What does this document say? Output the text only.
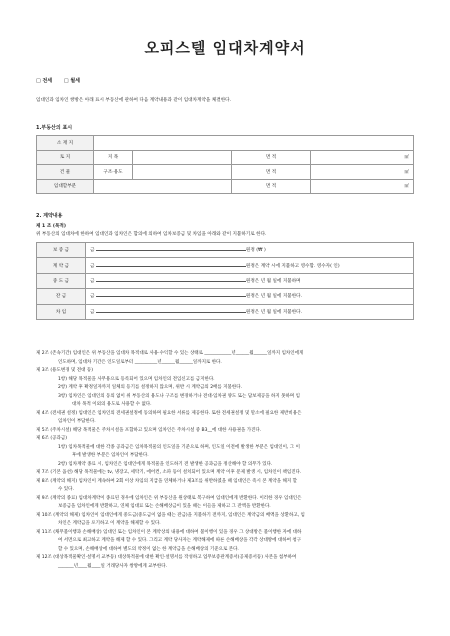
오피스텔 임대차계약서
□ 전세 □ 월세
임대인과 임차인 쌍방은 아래 표시 부동산에 관하여 다음 계약내용과 같이 임대차계약을 체결한다.
1.부동산의 표시
소 재 지				
토 지	지 목		면 적	㎡
건 물	구조·용도		면 적	㎡
임대할부분			면 적	㎡
2. 계약내용
제 1 조 (목적)
위 부동산의 임대차에 한하여 임대인과 임차인은 합의에 의하여 임차보증금 및 차임을 아래와 같이 지불하기로 한다.
보 증 금	금 원정 (₩ )
계 약 금	금 원정은 계약 시에 지불하고 영수함. 영수자( 인)
중 도 금	금 원정은 년 월 일에 지불하며
잔 금	금 원정은 년 월 일에 지불한다.
차 임	금 원정은 년 월 일에 지불한다.
제 2조 (존속기간) 임대인은 위 부동산을 임대차 목적대로 사용·수익할 수 있는 상태로 ____________년______월______일까지 임차인에게
인도하며, 임대차 기간은 인도일로부터 __________년______월______일까지로 한다.
제 3조 (용도변경 및 전대 등)
1항) 해당 목적물을 사무용으로 등록되어 있으며 임차인의 전입신고를 금지한다.
2항) 계약 후 확정일자까지 일체의 등기를 설정하지 않으며, 위반 시 계약금의 2배를 지불한다.
3항) 임차인은 임대인의 동의 없이 위 부동산의 용도나 구조를 변경하거나 전대·임차권 양도 또는 담보제공을 하지 못하며 임
대차 목적 이외의 용도로 사용할 수 없다.
제 4조 (전세권 설정) 임대인은 임차인의 전세권설정에 동의하며 필요한 서류를 제공한다. 또한 전세권설정 및 말소에 필요한 제반비용은
임차인이 부담한다.
제 5조 (주차시설) 해당 목적물은 주차시설을 포함하고 있으며 임차인은 주차시설 중 B3__에 대한 사용권을 가진다.
제 6조 (공과금)
1항) 임차목적물에 대한 각종 공과금은 임차목적물의 인도일을 기준으로 하며, 인도일 이전에 발생한 부분은 임대인이, 그 이
후에 발생한 부분은 임차인이 부담한다.
2항) 임차계약 종료 시, 임차인은 임대인에게 목적물을 인도하기 전 발생한 공과금을 정산해야 할 의무가 있다.
제 7조 (기본 옵션) 해당 목적물에는 tv, 냉장고, 세탁기, 에어컨, 소파 등이 설치되어 있으며 계약 이후 문제 발생 시, 임차인이 책임진다.
제 8조 (계약의 해지) 임차인이 계속하여 2회 이상 차임의 지급을 연체하거나 제3조를 위반하였을 때 임대인은 즉시 본 계약을 해지 할
수 있다.
제 9조 (계약의 종료) 임대차계약이 종료된 경우에 임차인은 위 부동산을 원상태로 복구하여 임대인에게 반환한다. 이러한 경우 임대인은
보증금을 임차인에게 반환하고, 연체 임대료 또는 손해배상금이 있을 때는 이들을 제하고 그 잔액을 반환한다.
제 10조 (계약의 해제) 임차인이 임대인에게 중도금(중도금이 없을 때는 잔금)을 지불하기 전까지, 임대인은 계약금의 배액을 상환하고, 임
차인은 계약금을 포기하고 이 계약을 해제할 수 있다.
제 11조 (채무불이행과 손해배상) 임대인 또는 임차인이 본 계약상의 내용에 대하여 불이행이 있을 경우 그 상대방은 불이행한 자에 대하
여 서면으로 최고하고 계약을 해제 할 수 있다. 그리고 계약 당사자는 계약해제에 따른 손해배상을 각각 상대방에 대하여 청구
할 수 있으며, 손해배상에 대하여 별도의 약정이 없는 한 계약금을 손해배상의 기준으로 본다.
제 12조 (대상목적물확인·설명서 교부등) 대상목적물에 대한 확인·설명서를 작성하고 업무보증관계증서(공제증서등) 사본을 첨부하여
_______년____월____일 거래당사자 쌍방에게 교부한다.
